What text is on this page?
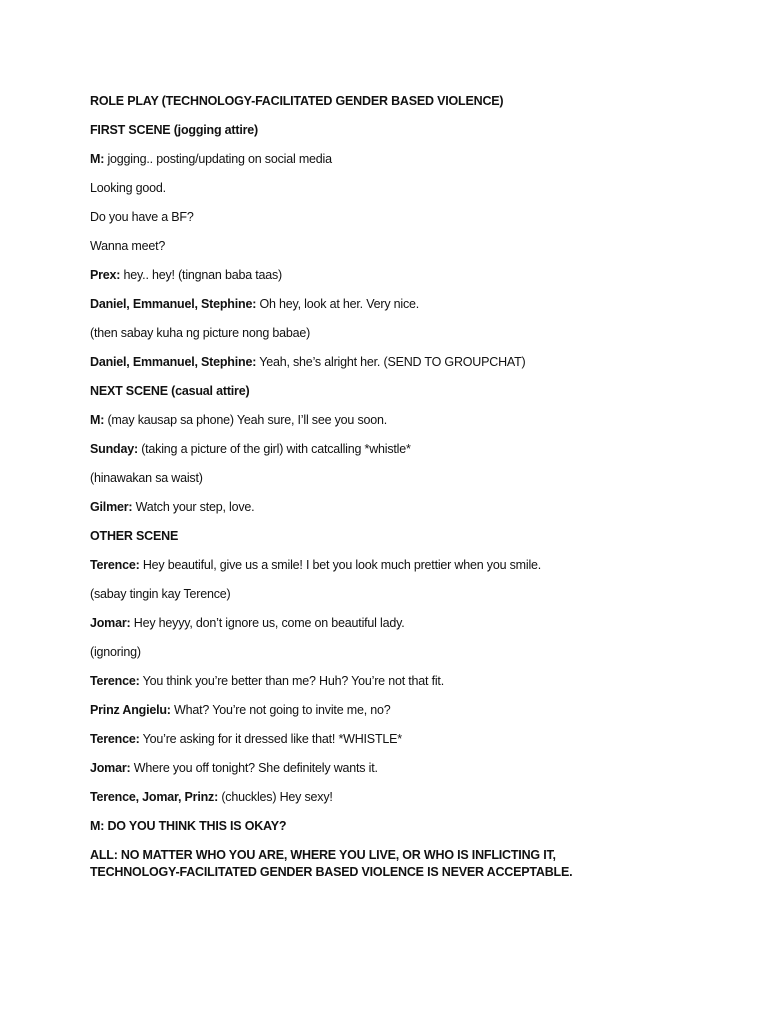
ROLE PLAY (TECHNOLOGY-FACILITATED GENDER BASED VIOLENCE)

FIRST SCENE (jogging attire)

M: jogging.. posting/updating on social media

Looking good.

Do you have a BF?

Wanna meet?

Prex: hey.. hey! (tingnan baba taas)

Daniel, Emmanuel, Stephine: Oh hey, look at her. Very nice.

(then sabay kuha ng picture nong babae)

Daniel, Emmanuel, Stephine: Yeah, she’s alright her. (SEND TO GROUPCHAT)

NEXT SCENE (casual attire)

M: (may kausap sa phone) Yeah sure, I’ll see you soon.

Sunday: (taking a picture of the girl) with catcalling *whistle*

(hinawakan sa waist)

Gilmer: Watch your step, love.

OTHER SCENE

Terence: Hey beautiful, give us a smile! I bet you look much prettier when you smile.

(sabay tingin kay Terence)

Jomar: Hey heyyy, don’t ignore us, come on beautiful lady.

(ignoring)

Terence: You think you’re better than me? Huh? You’re not that fit.

Prinz Angielu: What? You’re not going to invite me, no?

Terence: You’re asking for it dressed like that! *WHISTLE*

Jomar: Where you off tonight? She definitely wants it.

Terence, Jomar, Prinz: (chuckles) Hey sexy!

M: DO YOU THINK THIS IS OKAY?

ALL: NO MATTER WHO YOU ARE, WHERE YOU LIVE, OR WHO IS INFLICTING IT, TECHNOLOGY-FACILITATED GENDER BASED VIOLENCE IS NEVER ACCEPTABLE.
